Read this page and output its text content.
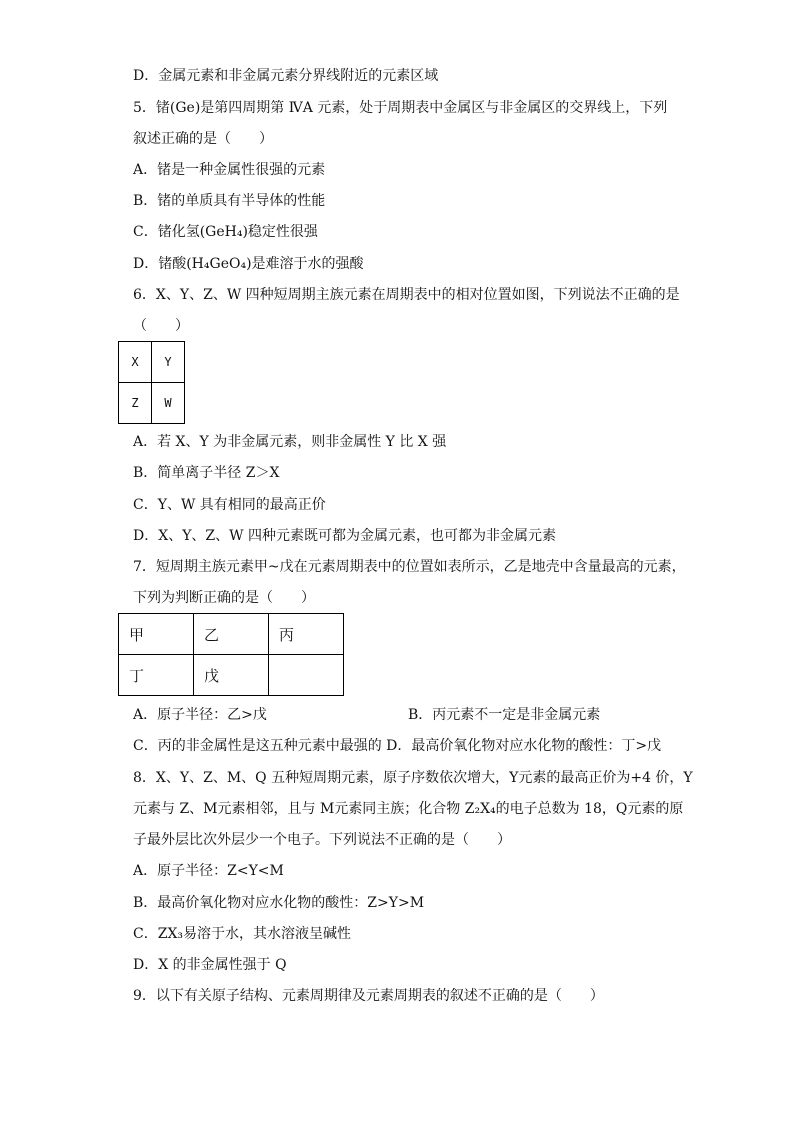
D．金属元素和非金属元素分界线附近的元素区域
5．锗(Ge)是第四周期第 ⅣA 元素，处于周期表中金属区与非金属区的交界线上，下列
叙述正确的是（　　）
A．锗是一种金属性很强的元素
B．锗的单质具有半导体的性能
C．锗化氢(GeH₄)稳定性很强
D．锗酸(H₄GeO₄)是难溶于水的强酸
6．X、Y、Z、W 四种短周期主族元素在周期表中的相对位置如图，下列说法不正确的是
（　　）
X	Y
Z	W
A．若 X、Y 为非金属元素，则非金属性 Y 比 X 强
B．简单离子半径 Z＞X
C．Y、W 具有相同的最高正价
D．X、Y、Z、W 四种元素既可都为金属元素，也可都为非金属元素
7．短周期主族元素甲~戊在元素周期表中的位置如表所示，乙是地壳中含量最高的元素，
下列为判断正确的是（　　）
甲	乙	丙
丁	戊	
A．原子半径：乙>戊	B．丙元素不一定是非金属元素
C．丙的非金属性是这五种元素中最强的 D．最高价氧化物对应水化物的酸性：丁>戊
8．X、Y、Z、M、Q 五种短周期元素，原子序数依次增大，Y元素的最高正价为+4 价，Y
元素与 Z、M元素相邻，且与 M元素同主族；化合物 Z₂X₄的电子总数为 18，Q元素的原
子最外层比次外层少一个电子。下列说法不正确的是（　　）
A．原子半径：Z<Y<M
B．最高价氧化物对应水化物的酸性：Z>Y>M
C．ZX₃易溶于水，其水溶液呈碱性
D．X 的非金属性强于 Q
9．以下有关原子结构、元素周期律及元素周期表的叙述不正确的是（　　）
